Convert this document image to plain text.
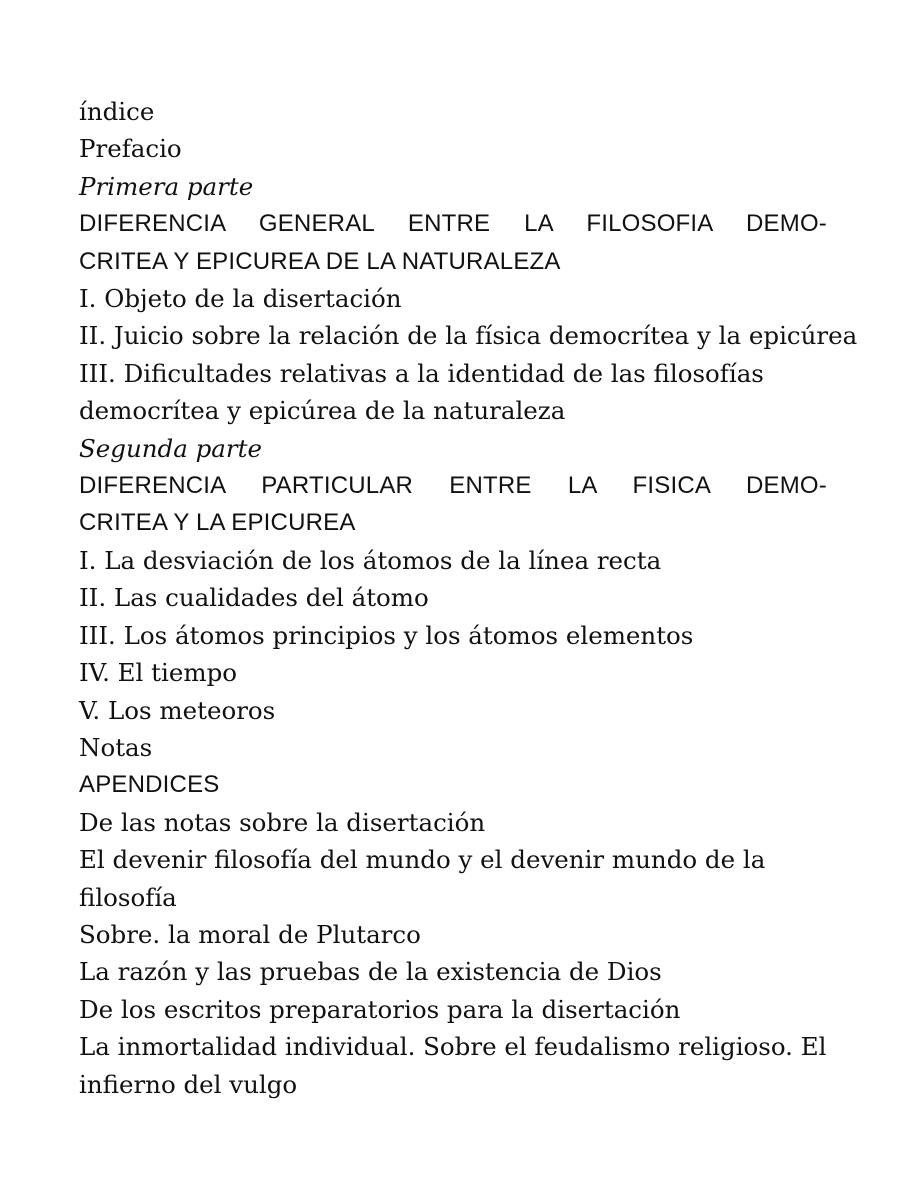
índice

Prefacio

Primera parte

DIFERENCIA GENERAL ENTRE LA FILOSOFIA DEMO-

CRITEA Y EPICUREA DE LA NATURALEZA

I. Objeto de la disertación

II. Juicio sobre la relación de la física democrítea y la epicúrea

III. Dificultades relativas a la identidad de las filosofías

democrítea y epicúrea de la naturaleza

Segunda parte

DIFERENCIA PARTICULAR ENTRE LA FISICA DEMO-

CRITEA Y LA EPICUREA

I. La desviación de los átomos de la línea recta

II. Las cualidades del átomo

III. Los átomos principios y los átomos elementos

IV. El tiempo

V. Los meteoros

Notas

APENDICES

De las notas sobre la disertación

El devenir filosofía del mundo y el devenir mundo de la

filosofía

Sobre. la moral de Plutarco

La razón y las pruebas de la existencia de Dios

De los escritos preparatorios para la disertación

La inmortalidad individual. Sobre el feudalismo religioso. El

infierno del vulgo
